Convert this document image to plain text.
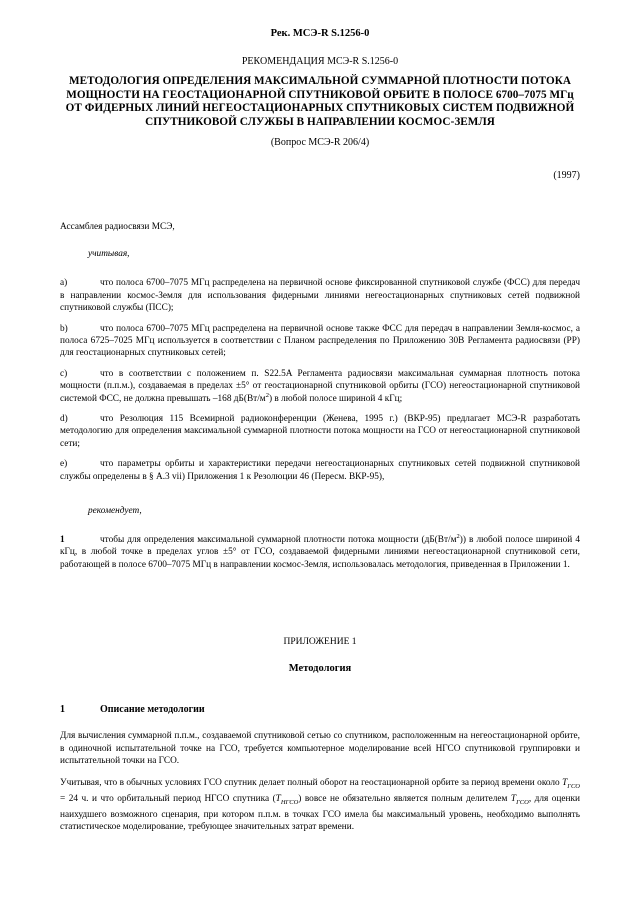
Рек. МСЭ-R S.1256-0
РЕКОМЕНДАЦИЯ МСЭ-R S.1256-0
МЕТОДОЛОГИЯ ОПРЕДЕЛЕНИЯ МАКСИМАЛЬНОЙ СУММАРНОЙ ПЛОТНОСТИ ПОТОКА МОЩНОСТИ НА ГЕОСТАЦИОНАРНОЙ СПУТНИКОВОЙ ОРБИТЕ В ПОЛОСЕ 6700–7075 МГц ОТ ФИДЕРНЫХ ЛИНИЙ НЕГЕОСТАЦИОНАРНЫХ СПУТНИКОВЫХ СИСТЕМ ПОДВИЖНОЙ СПУТНИКОВОЙ СЛУЖБЫ В НАПРАВЛЕНИИ КОСМОС-ЗЕМЛЯ
(Вопрос МСЭ-R 206/4)
(1997)
Ассамблея радиосвязи МСЭ,
учитывая,
a)	что полоса 6700–7075 МГц распределена на первичной основе фиксированной спутниковой службе (ФСС) для передач в направлении космос-Земля для использования фидерными линиями негеостационарных спутниковых сетей подвижной спутниковой службы (ПСС);
b)	что полоса 6700–7075 МГц распределена на первичной основе также ФСС для передач в направлении Земля-космос, а полоса 6725–7025 МГц используется в соответствии с Планом распределения по Приложению 30B Регламента радиосвязи (РР) для геостационарных спутниковых сетей;
c)	что в соответствии с положением п. S22.5A Регламента радиосвязи максимальная суммарная плотность потока мощности (п.п.м.), создаваемая в пределах ±5° от геостационарной спутниковой орбиты (ГСО) негеостационарной спутниковой системой ФСС, не должна превышать –168 $дБ(Вт/м^2)$ в любой полосе шириной 4 кГц;
d)	что Резолюция 115 Всемирной радиоконференции (Женева, 1995 г.) (ВКР-95) предлагает МСЭ-R разработать методологию для определения максимальной суммарной плотности потока мощности на ГСО от негеостационарной спутниковой сети;
e)	что параметры орбиты и характеристики передачи негеостационарных спутниковых сетей подвижной спутниковой службы определены в § A.3 vii) Приложения 1 к Резолюции 46 (Пересм. ВКР-95),
рекомендует,
1	чтобы для определения максимальной суммарной плотности потока мощности $(дБ(Вт/м^2))$ в любой полосе шириной 4 кГц, в любой точке в пределах углов ±5° от ГСО, создаваемой фидерными линиями негеостационарной спутниковой сети, работающей в полосе 6700–7075 МГц в направлении космос-Земля, использовалась методология, приведенная в Приложении 1.
ПРИЛОЖЕНИЕ 1
Методология
1	Описание методологии
Для вычисления суммарной п.п.м., создаваемой спутниковой сетью со спутником, расположенным на негеостационарной орбите, в одиночной испытательной точке на ГСО, требуется компьютерное моделирование всей НГСО спутниковой группировки и испытательной точки на ГСО.
Учитывая, что в обычных условиях ГСО спутник делает полный оборот на геостационарной орбите за период времени около $T_{ГСО} = 24$ ч. и что орбитальный период НГСО спутника $(T_{НГСО})$ вовсе не обязательно является полным делителем $T_{ГСО}$, для оценки наихудшего возможного сценария, при котором п.п.м. в точках ГСО имела бы максимальный уровень, необходимо выполнять статистическое моделирование, требующее значительных затрат времени.
